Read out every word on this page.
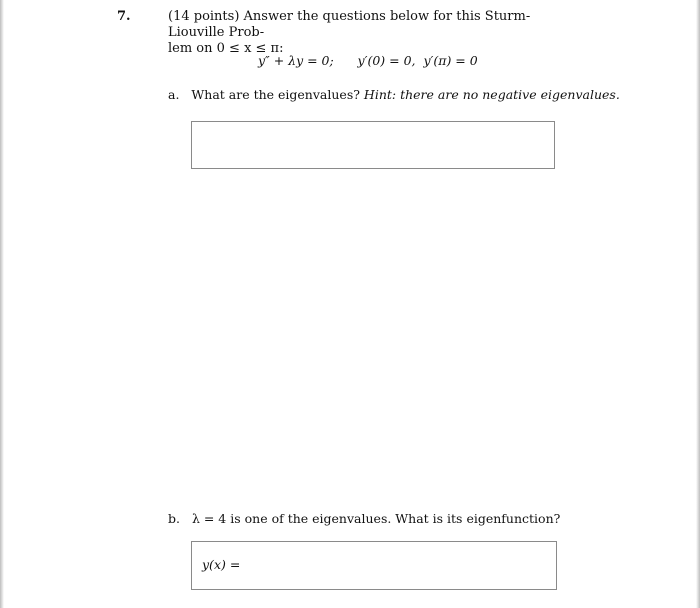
7.	(14 points) Answer the questions below for this Sturm-Liouville Prob-
lem on 0 ≤ x ≤ π:
y″ + λy = 0;      y′(0) = 0,  y′(π) = 0
a. What are the eigenvalues? Hint: there are no negative eigenvalues.
b. λ = 4 is one of the eigenvalues. What is its eigenfunction?
y(x) =
